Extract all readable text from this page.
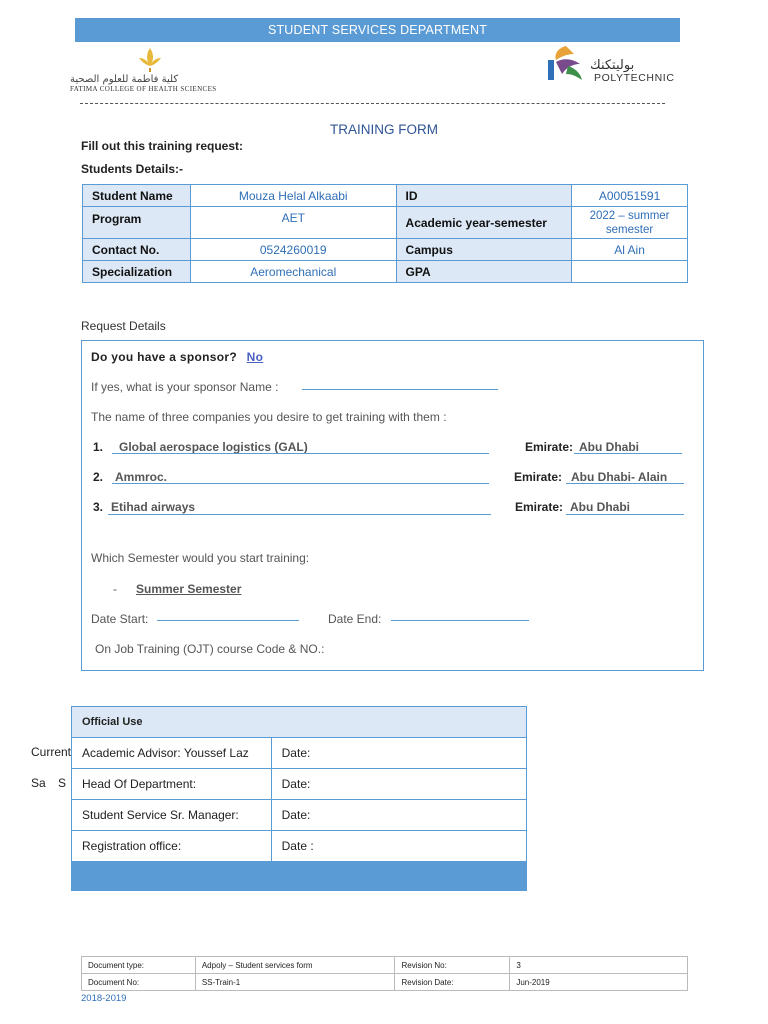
STUDENT SERVICES DEPARTMENT
كلية فاطمة للعلوم الصحية
FATIMA COLLEGE OF HEALTH SCIENCES
بوليتكنك
POLYTECHNIC
TRAINING FORM
Fill out this training request:
Students Details:-
Student Name	Mouza Helal Alkaabi	ID	A00051591
Program	AET	Academic year-semester	2022 – summer
semester

Contact No.	0524260019	Campus	Al Ain
Specialization	Aeromechanical	GPA	
Request Details
Do you have a sponsor? No
If yes, what is your sponsor Name :
The name of three companies you desire to get training with them :
1. Global aerospace logistics (GAL)	Emirate: Abu Dhabi
2. Ammroc.	Emirate: Abu Dhabi- Alain
3. Etihad airways	Emirate: Abu Dhabi
Which Semester would you start training:
- Summer Semester
Date Start:	Date End:
On Job Training (OJT) course Code & NO.:
Current
Sa S
Official Use	
Academic Advisor: Youssef Laz	Date:
Head Of Department:	Date:
Student Service Sr. Manager:	Date:
Registration office:	Date :

Document type:	Adpoly – Student services form	Revision No:	3
Document No:	SS-Train-1	Revision Date:	Jun-2019
2018-2019
